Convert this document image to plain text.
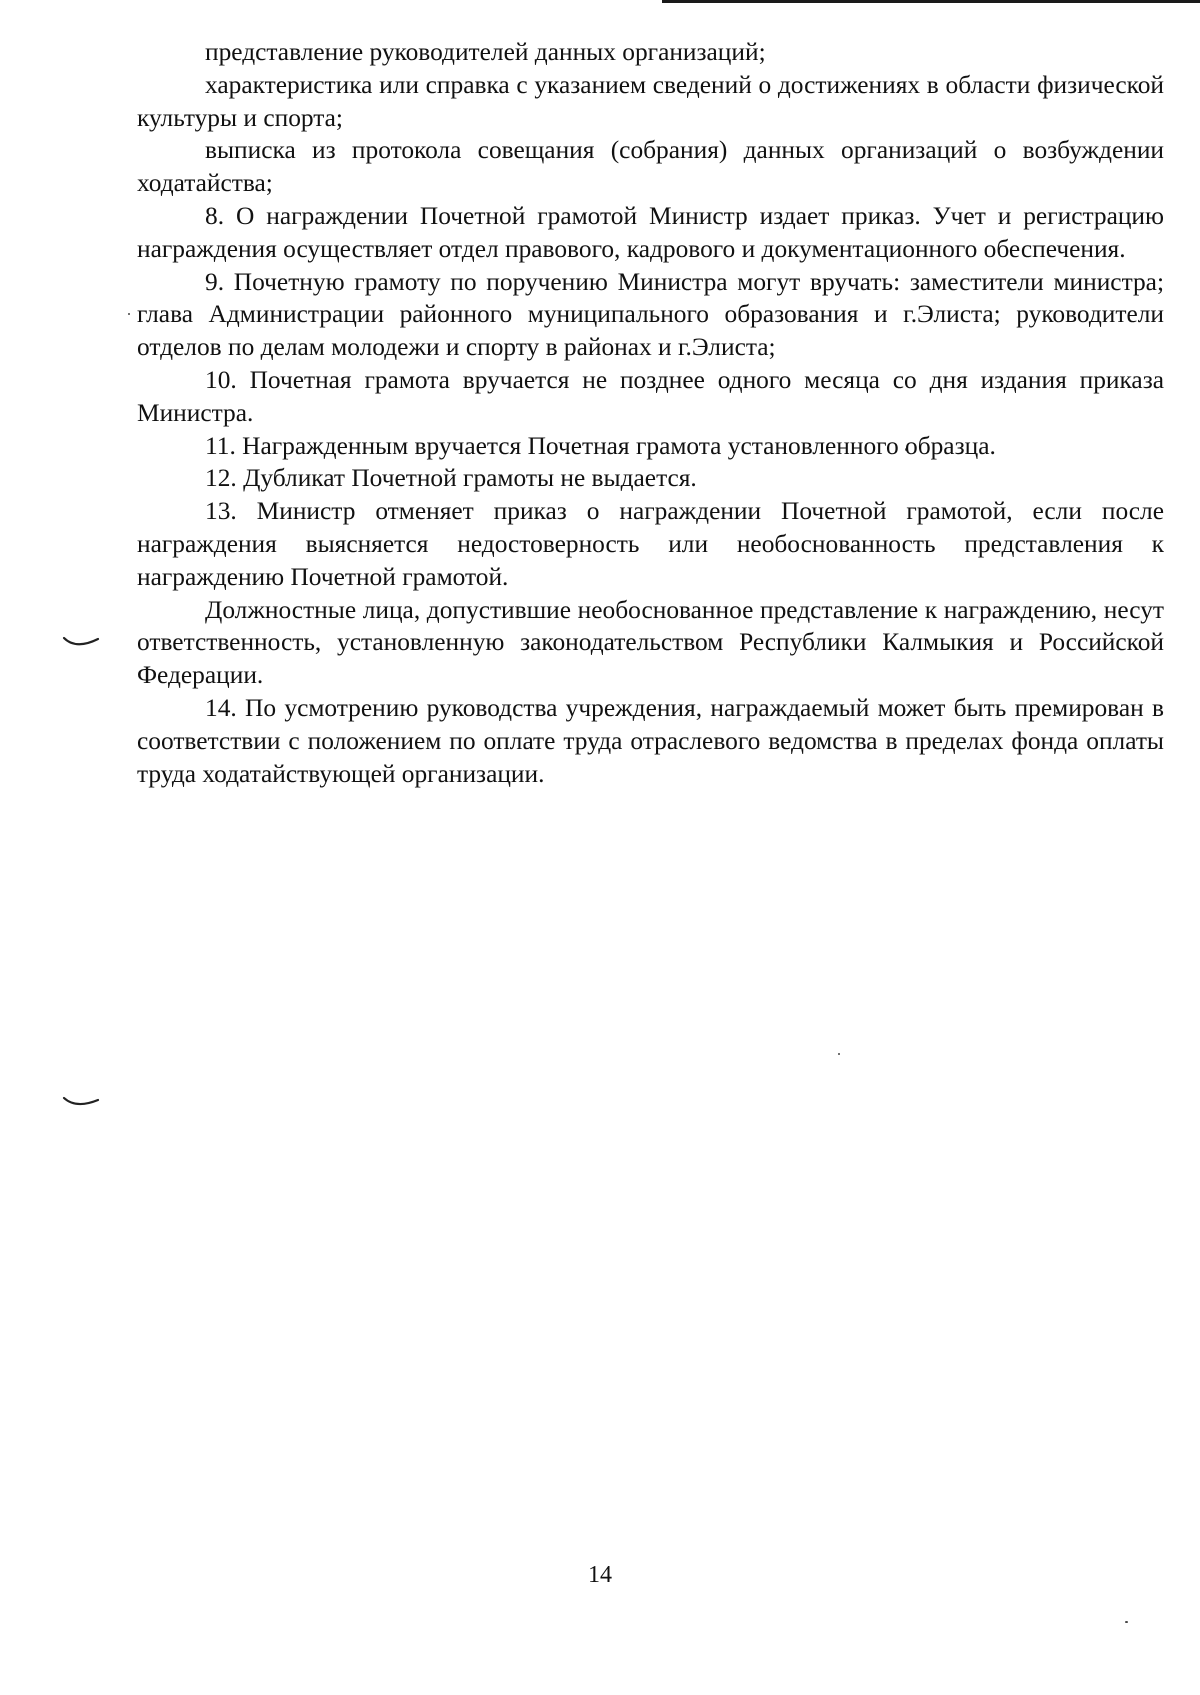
представление руководителей данных организаций;

характеристика или справка с указанием сведений о достижениях в области физической культуры и спорта;

выписка из протокола совещания (собрания) данных организаций о возбуждении ходатайства;

8. О награждении Почетной грамотой Министр издает приказ. Учет и регистрацию награждения осуществляет отдел правового, кадрового и документационного обеспечения.

9. Почетную грамоту по поручению Министра могут вручать: заместители министра; глава Администрации районного муниципального образования и г.Элиста; руководители отделов по делам молодежи и спорту в районах и г.Элиста;

10. Почетная грамота вручается не позднее одного месяца со дня издания приказа Министра.

11. Награжденным вручается Почетная грамота установленного образца.

12. Дубликат Почетной грамоты не выдается.

13. Министр отменяет приказ о награждении Почетной грамотой, если после награждения выясняется недостоверность или необоснованность представления к награждению Почетной грамотой.

Должностные лица, допустившие необоснованное представление к награждению, несут ответственность, установленную законодательством Республики Калмыкия и Российской Федерации.

14. По усмотрению руководства учреждения, награждаемый может быть премирован в соответствии с положением по оплате труда отраслевого ведомства в пределах фонда оплаты труда ходатайствующей организации.

14
